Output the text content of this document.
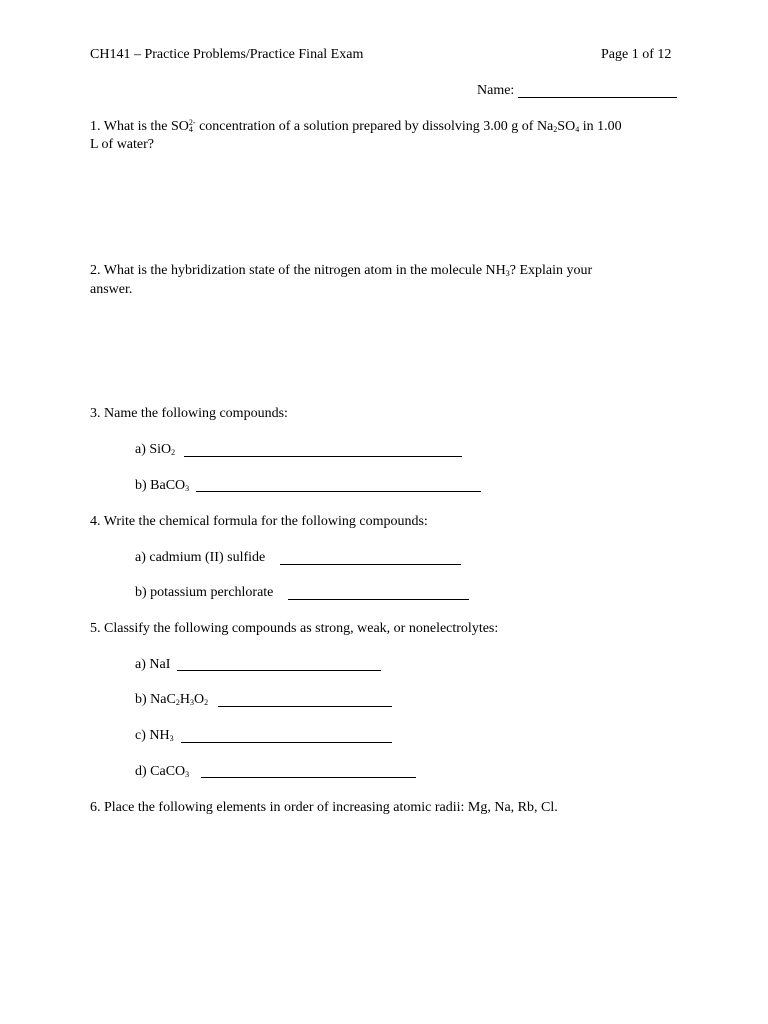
CH141 – Practice Problems/Practice Final Exam	Page 1 of 12
Name:
1. What is the $SO_4^{2-}$ concentration of a solution prepared by dissolving 3.00 g of $Na_2SO_4$ in 1.00
L of water?
2. What is the hybridization state of the nitrogen atom in the molecule $NH_3$? Explain your
answer.
3. Name the following compounds:
a) SiO$_2$
b) BaCO$_3$
4. Write the chemical formula for the following compounds:
a) cadmium (II) sulfide
b) potassium perchlorate
5. Classify the following compounds as strong, weak, or nonelectrolytes:
a) NaI
b) $NaC_2H_3O_2$
c) $NH_3$
d) CaCO$_3$
6. Place the following elements in order of increasing atomic radii: Mg, Na, Rb, Cl.
